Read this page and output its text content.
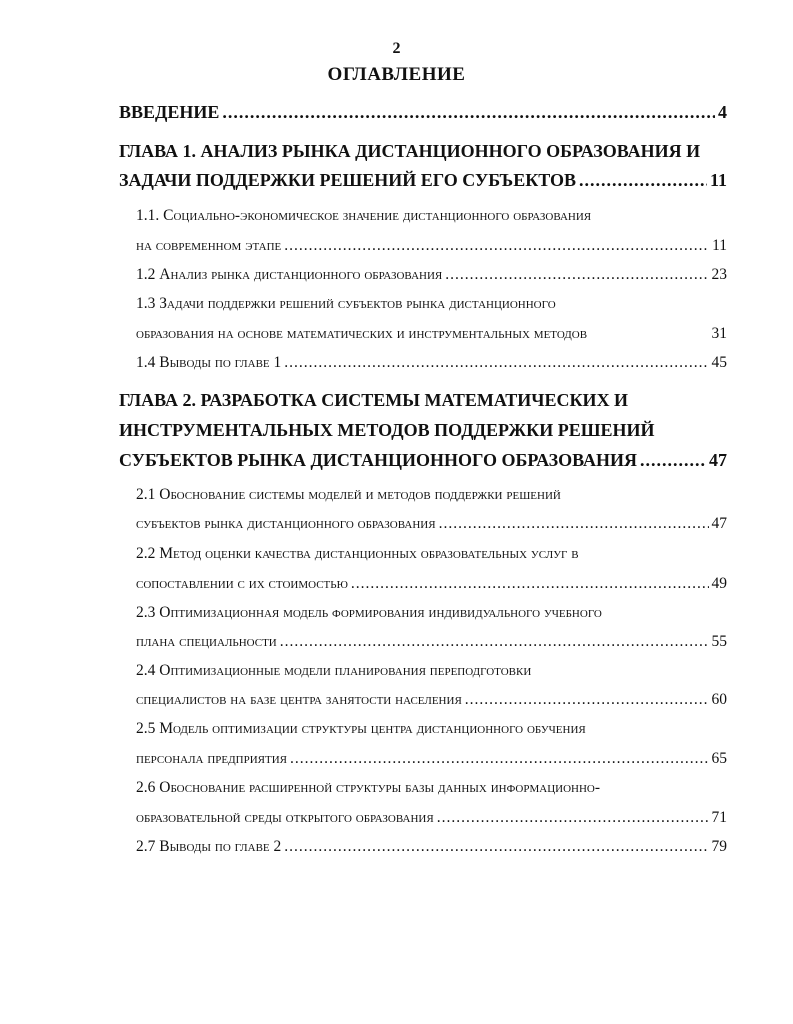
2
ОГЛАВЛЕНИЕ
ВВЕДЕНИЕ .....	4
ГЛАВА 1. АНАЛИЗ РЫНКА ДИСТАНЦИОННОГО ОБРАЗОВАНИЯ И
ЗАДАЧИ ПОДДЕРЖКИ РЕШЕНИЙ ЕГО СУБЪЕКТОВ .....	11
1.1. Социально-экономическое значение дистанционного образования
на современном этапе .....	11
1.2 Анализ рынка дистанционного образования .....	23
1.3 Задачи поддержки решений субъектов рынка дистанционного
образования на основе математических и инструментальных методов	31
1.4 Выводы по главе 1 .....	45
ГЛАВА 2. РАЗРАБОТКА СИСТЕМЫ МАТЕМАТИЧЕСКИХ И
ИНСТРУМЕНТАЛЬНЫХ МЕТОДОВ ПОДДЕРЖКИ РЕШЕНИЙ
СУБЪЕКТОВ РЫНКА ДИСТАНЦИОННОГО ОБРАЗОВАНИЯ .....	47
2.1 Обоснование системы моделей и методов поддержки решений
субъектов рынка дистанционного образования .....	47
2.2 Метод оценки качества дистанционных образовательных услуг в
сопоставлении с их стоимостью .....	49
2.3 Оптимизационная модель формирования индивидуального учебного
плана специальности .....	55
2.4 Оптимизационные модели планирования переподготовки
специалистов на базе центра занятости населения .....	60
2.5 Модель оптимизации структуры центра дистанционного обучения
персонала предприятия .....	65
2.6 Обоснование расширенной структуры базы данных информационно-
образовательной среды открытого образования .....	71
2.7 Выводы по главе 2 .....	79
